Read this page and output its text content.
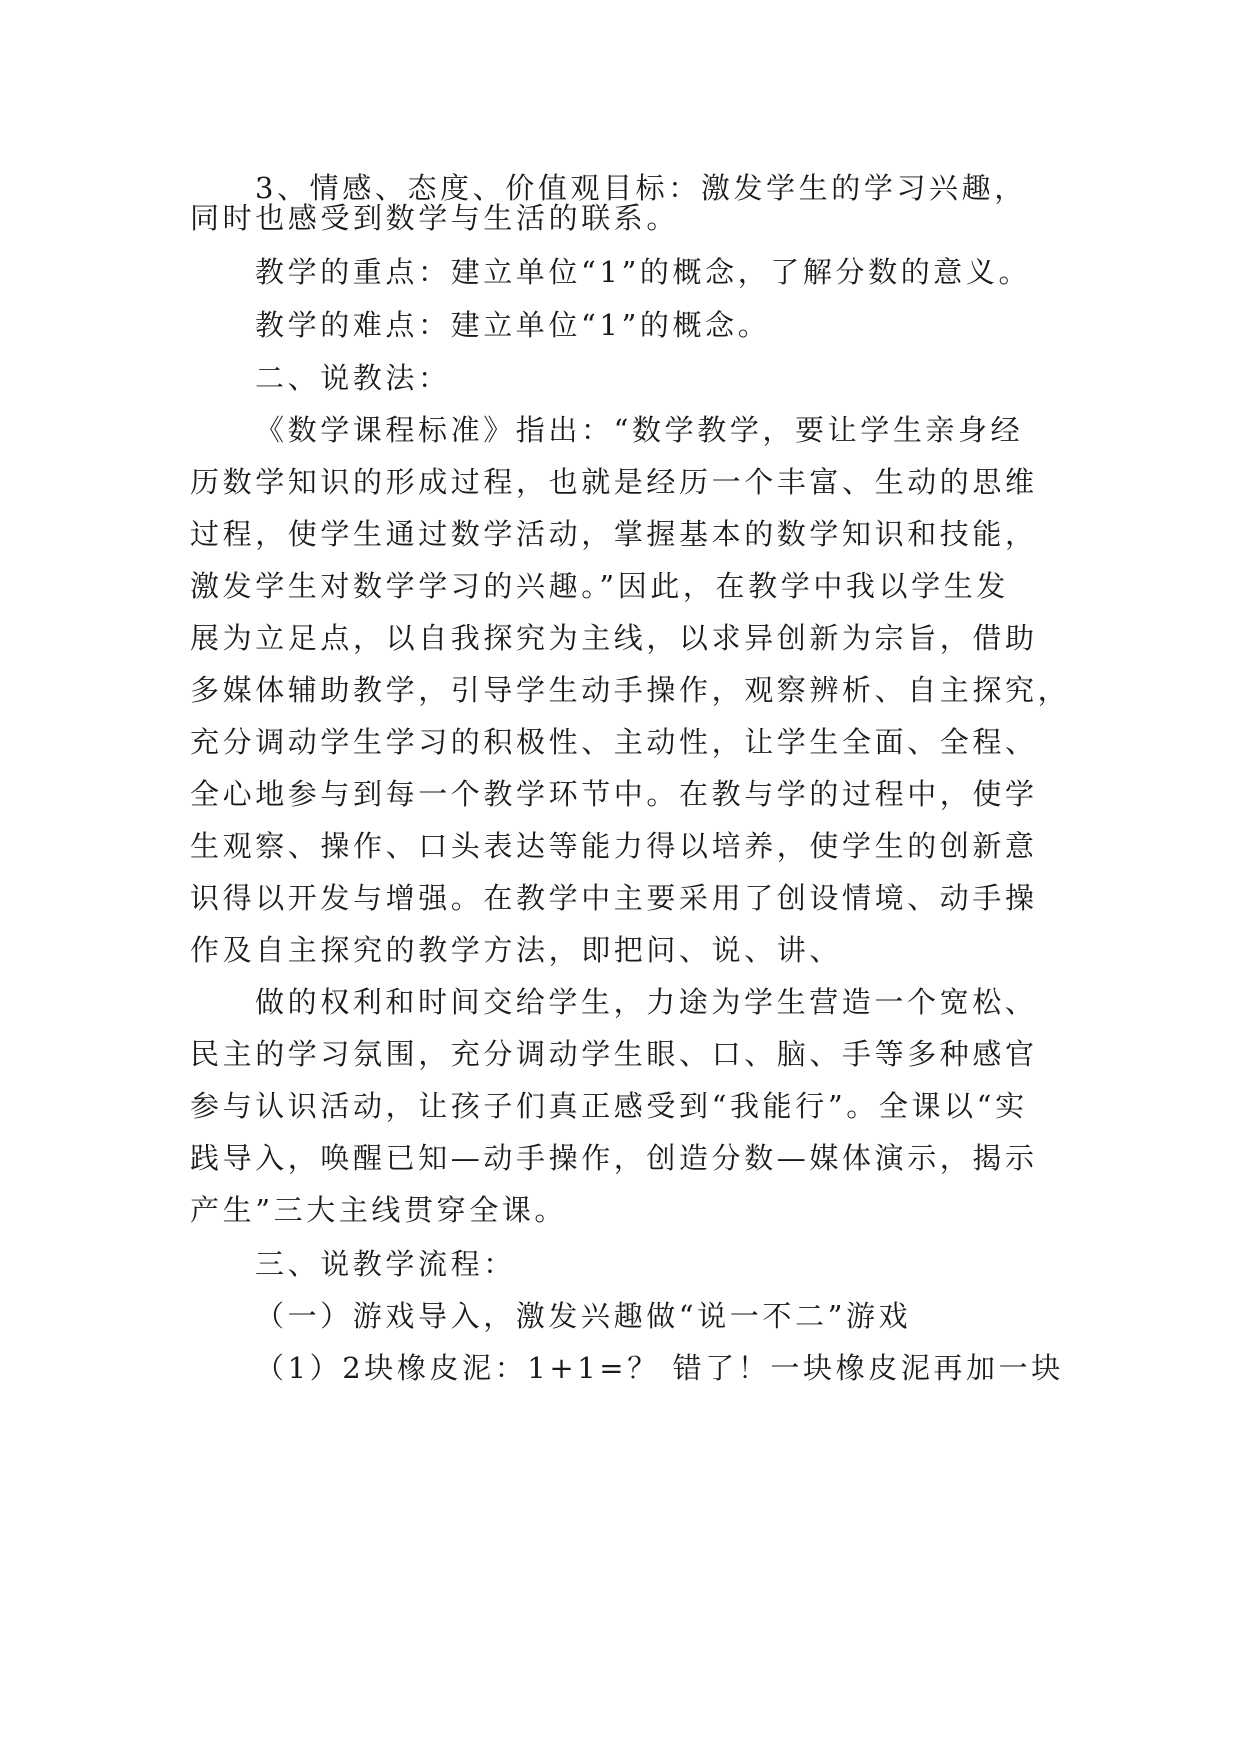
3、情感、态度、价值观目标：激发学生的学习兴趣，
同时也感受到数学与生活的联系。
教学的重点：建立单位“1”的概念，了解分数的意义。
教学的难点：建立单位“1”的概念。
二、说教法：
《数学课程标准》指出：“数学教学，要让学生亲身经
历数学知识的形成过程，也就是经历一个丰富、生动的思维
过程，使学生通过数学活动，掌握基本的数学知识和技能，
激发学生对数学学习的兴趣。”因此，在教学中我以学生发
展为立足点，以自我探究为主线，以求异创新为宗旨，借助
多媒体辅助教学，引导学生动手操作，观察辨析、自主探究，
充分调动学生学习的积极性、主动性，让学生全面、全程、
全心地参与到每一个教学环节中。在教与学的过程中，使学
生观察、操作、口头表达等能力得以培养，使学生的创新意
识得以开发与增强。在教学中主要采用了创设情境、动手操
作及自主探究的教学方法，即把问、说、讲、
做的权利和时间交给学生，力途为学生营造一个宽松、
民主的学习氛围，充分调动学生眼、口、脑、手等多种感官
参与认识活动，让孩子们真正感受到“我能行”。全课以“实
践导入，唤醒已知—动手操作，创造分数—媒体演示，揭示
产生”三大主线贯穿全课。
三、说教学流程：
（一）游戏导入，激发兴趣做“说一不二”游戏
（1）2块橡皮泥：1+1=？ 错了！一块橡皮泥再加一块
